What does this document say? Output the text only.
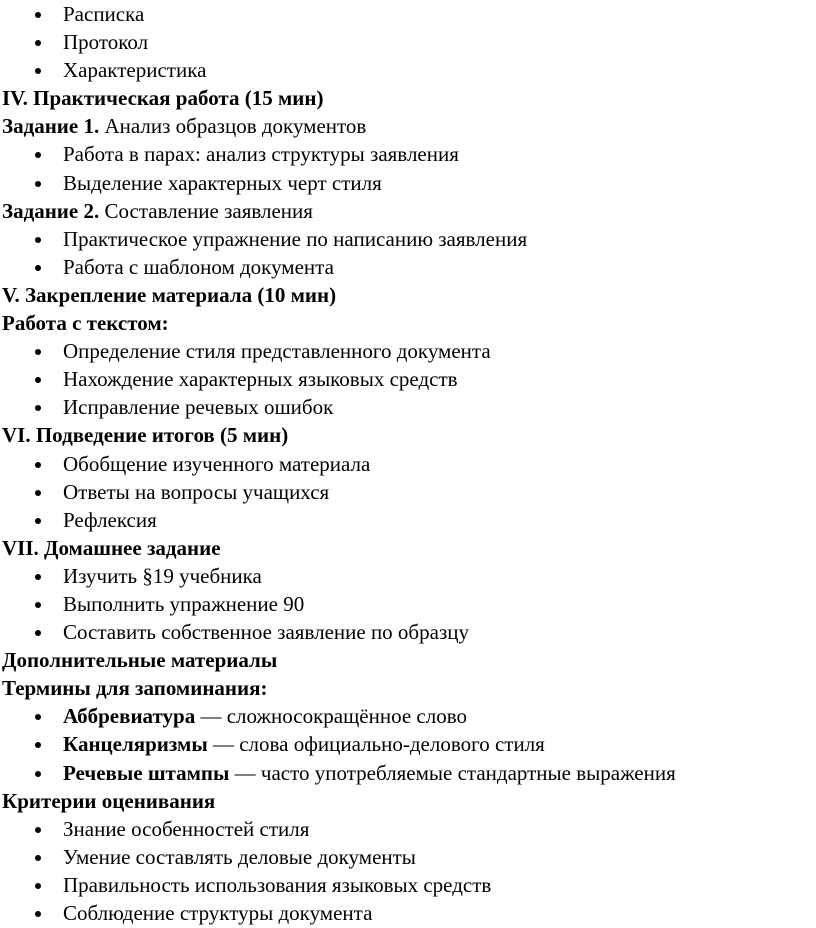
Расписка
Протокол
Характеристика
IV. Практическая работа (15 мин)
Задание 1. Анализ образцов документов
Работа в парах: анализ структуры заявления
Выделение характерных черт стиля
Задание 2. Составление заявления
Практическое упражнение по написанию заявления
Работа с шаблоном документа
V. Закрепление материала (10 мин)
Работа с текстом:
Определение стиля представленного документа
Нахождение характерных языковых средств
Исправление речевых ошибок
VI. Подведение итогов (5 мин)
Обобщение изученного материала
Ответы на вопросы учащихся
Рефлексия
VII. Домашнее задание
Изучить §19 учебника
Выполнить упражнение 90
Составить собственное заявление по образцу
Дополнительные материалы
Термины для запоминания:
Аббревиатура — сложносокращённое слово
Канцеляризмы — слова официально-делового стиля
Речевые штампы — часто употребляемые стандартные выражения
Критерии оценивания
Знание особенностей стиля
Умение составлять деловые документы
Правильность использования языковых средств
Соблюдение структуры документа
